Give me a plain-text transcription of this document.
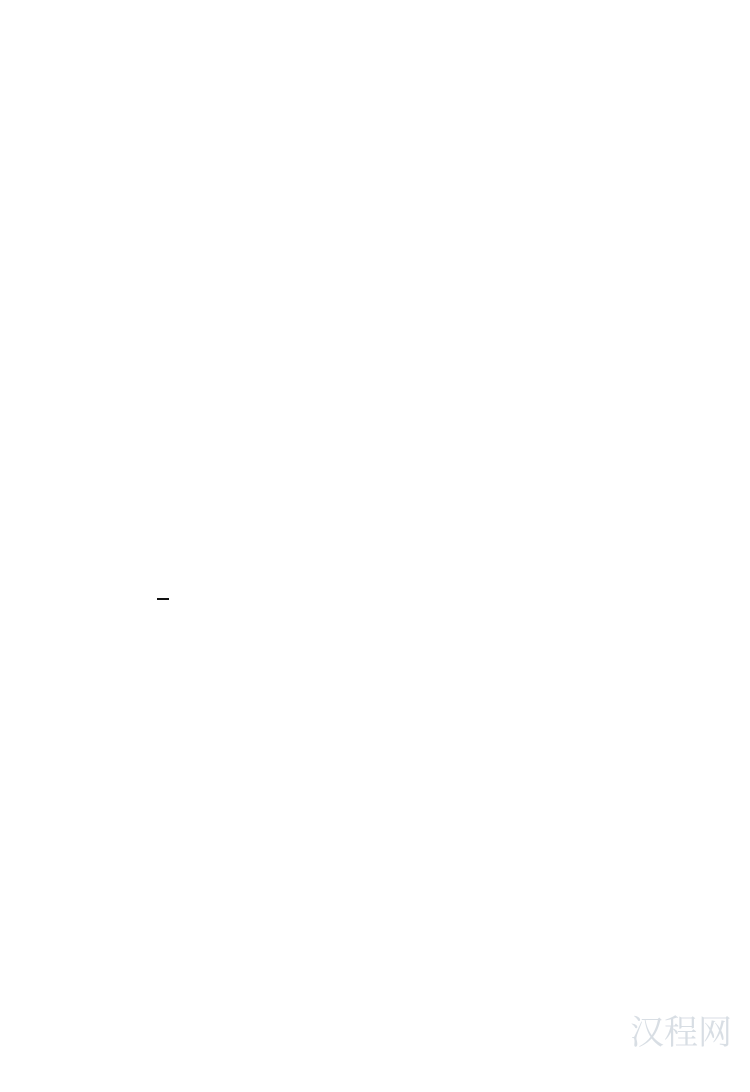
汉程网
